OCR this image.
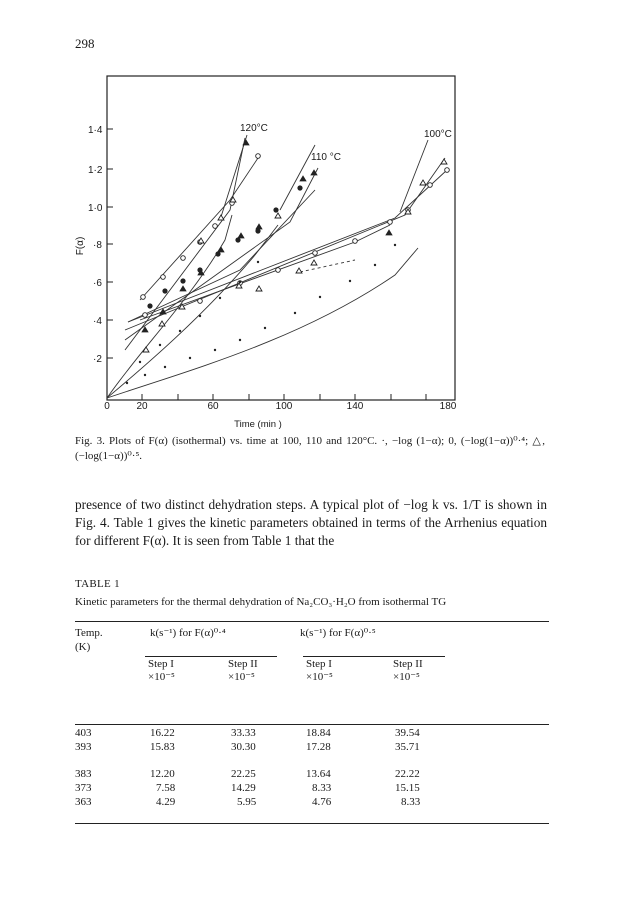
298
·2
·4
·6
·8
1·0
1·2
1·4
F(α)
0	20	60	100	140	180
Time (min )
120°C
110 °C
100°C
Fig. 3. Plots of F(α) (isothermal) vs. time at 100, 110 and 120°C. ·, −log (1−α); 0, (−log(1−α))⁰·⁴; △, (−log(1−α))⁰·⁵.
presence of two distinct dehydration steps. A typical plot of −log k vs. 1/T is shown in Fig. 4. Table 1 gives the kinetic parameters obtained in terms of the Arrhenius equation for different F(α). It is seen from Table 1 that the
TABLE 1
Kinetic parameters for the thermal dehydration of Na₂CO₃·H₂O from isothermal TG
Temp.
(K)
k(s⁻¹) for F(α)⁰·⁴	k(s⁻¹) for F(α)⁰·⁵
Step I	Step II	Step I	Step II
×10⁻⁵	×10⁻⁵	×10⁻⁵	×10⁻⁵
403	16.22	33.33	18.84	39.54
393	15.83	30.30	17.28	35.71
383	12.20	22.25	13.64	22.22
373	7.58	14.29	8.33	15.15
363	4.29	5.95	4.76	8.33
